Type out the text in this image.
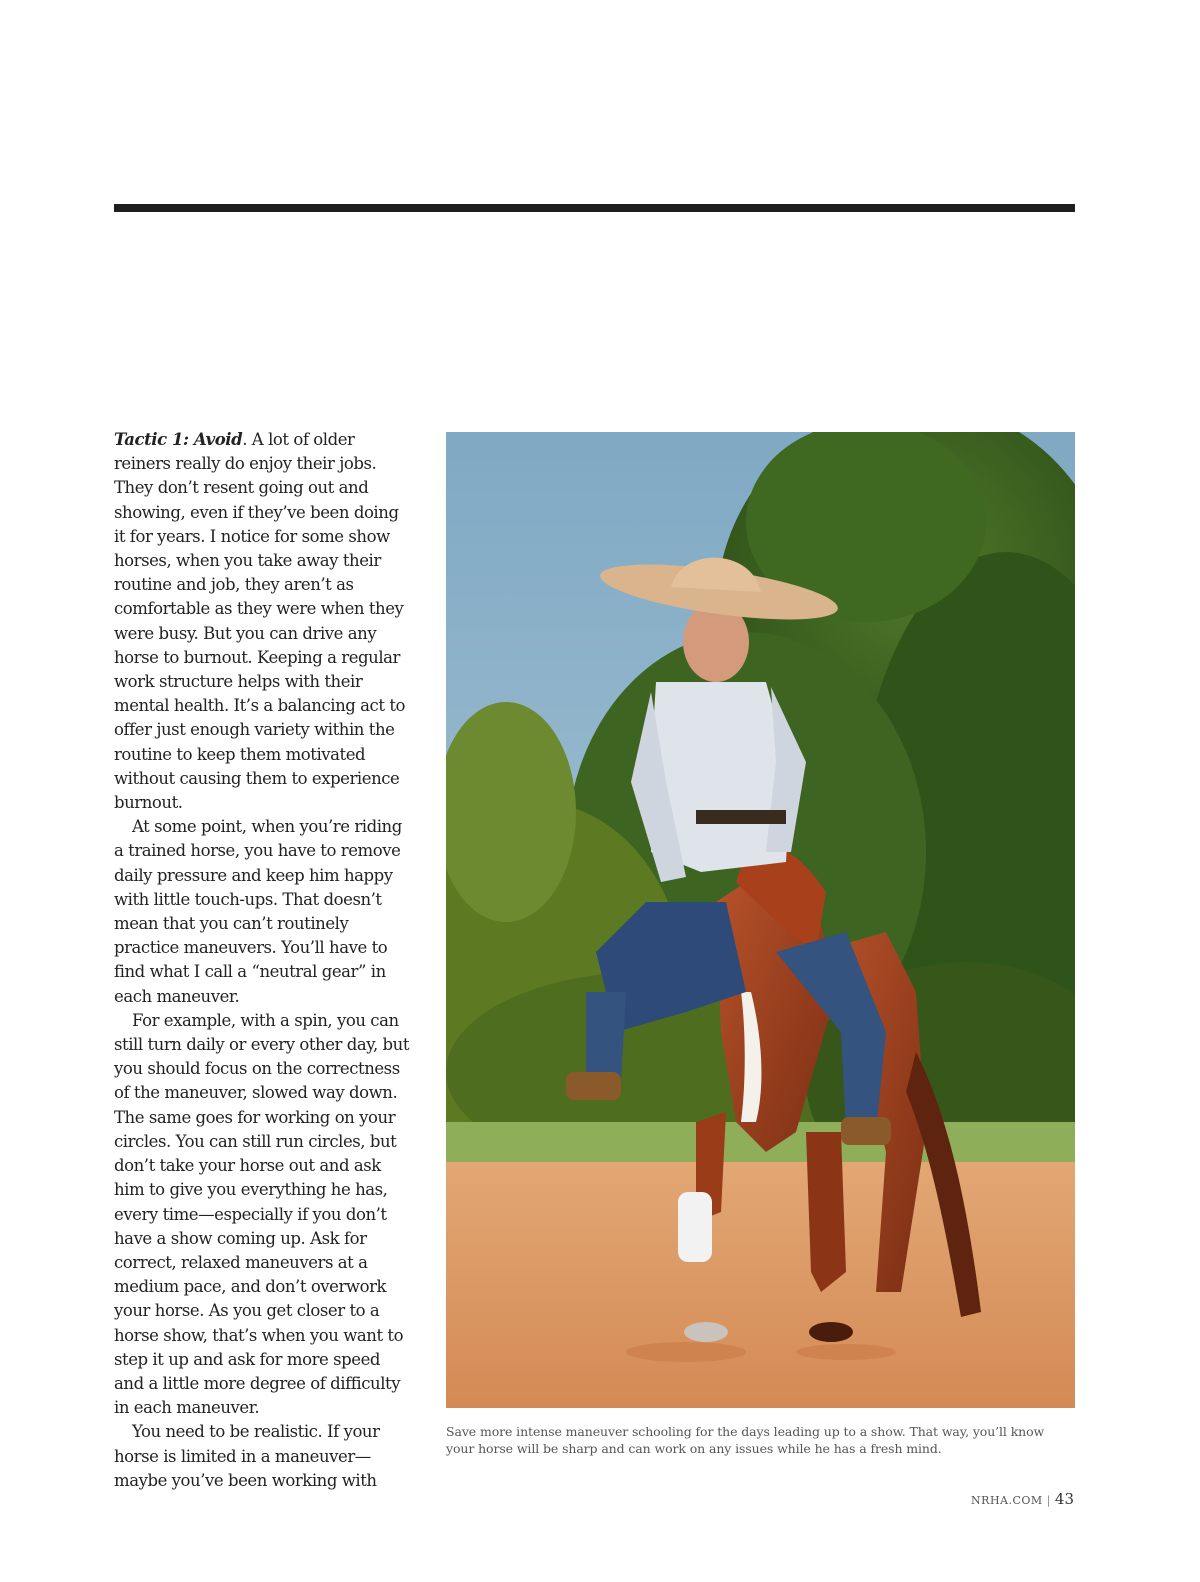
Tactic 1: Avoid. A lot of older reiners really do enjoy their jobs. They don’t resent going out and showing, even if they’ve been doing it for years. I notice for some show horses, when you take away their routine and job, they aren’t as comfortable as they were when they were busy. But you can drive any horse to burnout. Keeping a regular work structure helps with their mental health. It’s a balancing act to offer just enough variety within the routine to keep them motivated without causing them to experience burnout.

At some point, when you’re riding a trained horse, you have to remove daily pressure and keep him happy with little touch-ups. That doesn’t mean that you can’t routinely practice maneuvers. You’ll have to find what I call a “neutral gear” in each maneuver.

For example, with a spin, you can still turn daily or every other day, but you should focus on the correctness of the maneuver, slowed way down. The same goes for working on your circles. You can still run circles, but don’t take your horse out and ask him to give you everything he has, every time—especially if you don’t have a show coming up. Ask for correct, relaxed maneuvers at a medium pace, and don’t overwork your horse. As you get closer to a horse show, that’s when you want to step it up and ask for more speed and a little more degree of difficulty in each maneuver.

You need to be realistic. If your horse is limited in a maneuver—maybe you’ve been working with

Save more intense maneuver schooling for the days leading up to a show. That way, you’ll know your horse will be sharp and can work on any issues while he has a fresh mind.
NRHA.COM | 43
